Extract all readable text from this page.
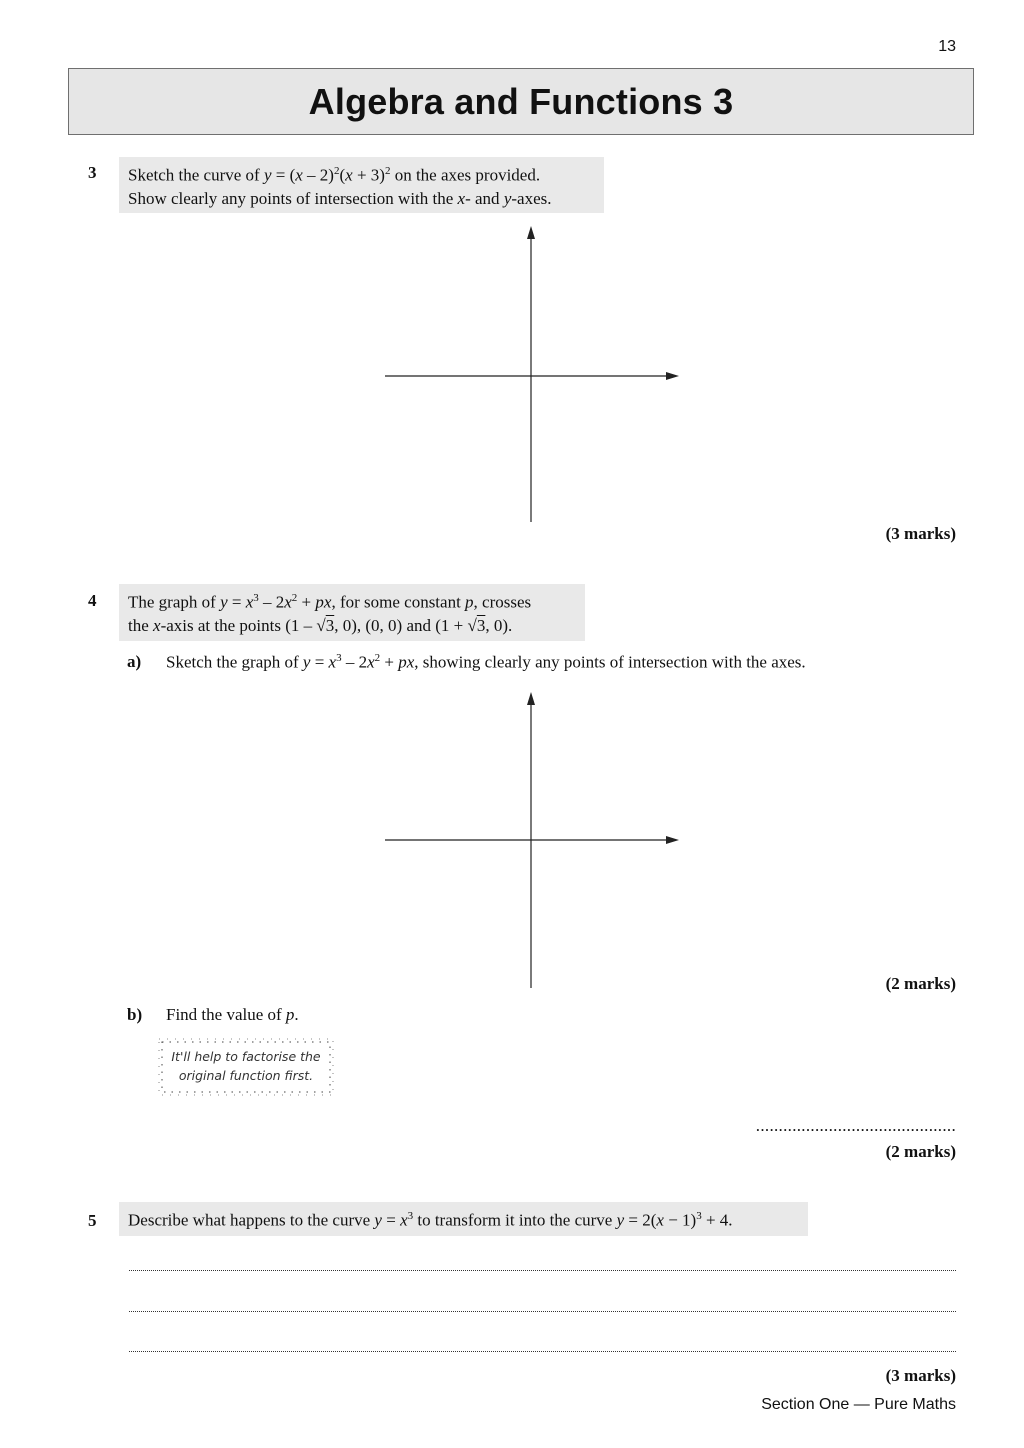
13
Algebra and Functions 3
3	Sketch the curve of $y = (x - 2)^2(x + 3)^2$ on the axes provided.
Show clearly any points of intersection with the x- and y-axes.
(3 marks)
4	The graph of $y = x^3 - 2x^2$ + px, for some constant p, crosses
the x-axis at the points (1 – √3, 0), (0, 0) and (1 + √3, 0).
a) Sketch the graph of $y = x^3 - 2x^2$ + px, showing clearly any points of intersection with the axes.
(2 marks)
b) Find the value of p.
It'll help to factorise the
original function first.
............................................
(2 marks)
5	Describe what happens to the curve $y = x^3$ to transform it into the curve $y = 2(x - 1)^3 + 4$.
(3 marks)
Section One — Pure Maths
